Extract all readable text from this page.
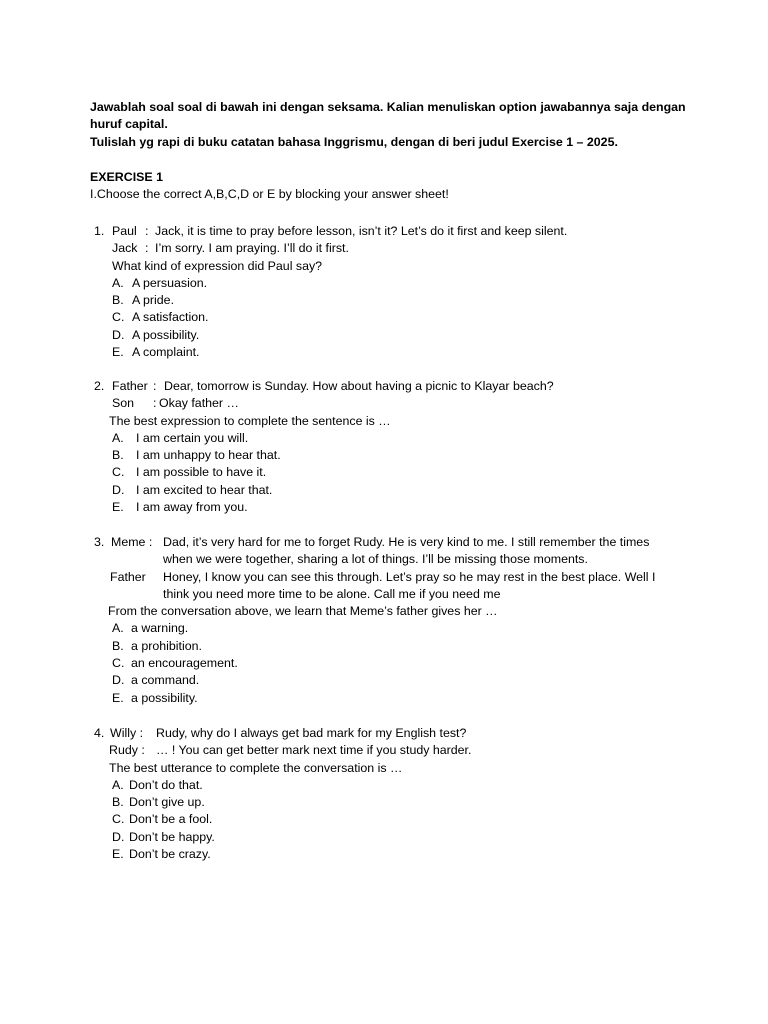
Jawablah soal soal di bawah ini dengan seksama. Kalian menuliskan option jawabannya saja dengan

huruf capital.

Tulislah yg rapi di buku catatan bahasa Inggrismu, dengan di beri judul Exercise 1 – 2025.

EXERCISE 1
I.Choose the correct A,B,C,D or E by blocking your answer sheet!
1. Paul : Jack, it is time to pray before lesson, isn’t it? Let’s do it first and keep silent.
Jack : I’m sorry. I am praying. I’ll do it first.
What kind of expression did Paul say?
A. A persuasion.
B. A pride.
C. A satisfaction.
D. A possibility.
E. A complaint.
2. Father : Dear, tomorrow is Sunday. How about having a picnic to Klayar beach?
Son : Okay father …
The best expression to complete the sentence is …
A. I am certain you will.
B. I am unhappy to hear that.
C. I am possible to have it.
D. I am excited to hear that.
E. I am away from you.
3. Meme : Dad, it’s very hard for me to forget Rudy. He is very kind to me. I still remember the times
when we were together, sharing a lot of things. I’ll be missing those moments.
Father Honey, I know you can see this through. Let’s pray so he may rest in the best place. Well I
think you need more time to be alone. Call me if you need me
From the conversation above, we learn that Meme’s father gives her …
A. a warning.
B. a prohibition.
C. an encouragement.
D. a command.
E. a possibility.
4. Willy : Rudy, why do I always get bad mark for my English test?
Rudy : … ! You can get better mark next time if you study harder.
The best utterance to complete the conversation is …
A. Don’t do that.
B. Don’t give up.
C. Don’t be a fool.
D. Don’t be happy.
E. Don’t be crazy.
